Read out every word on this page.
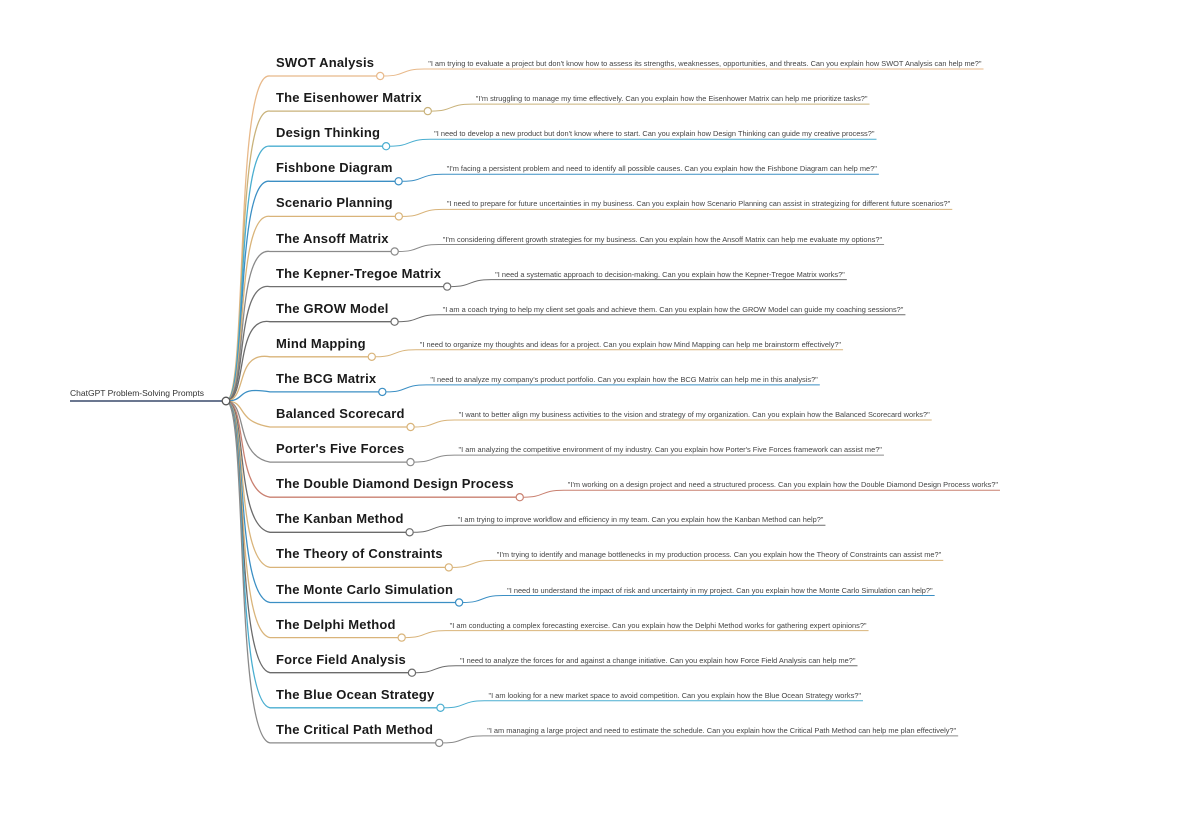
ChatGPT Problem-Solving Prompts
SWOT Analysis	"I am trying to evaluate a project but don't know how to assess its strengths, weaknesses, opportunities, and threats. Can you explain how SWOT Analysis can help me?"
The Eisenhower Matrix	"I'm struggling to manage my time effectively. Can you explain how the Eisenhower Matrix can help me prioritize tasks?"
Design Thinking	"I need to develop a new product but don't know where to start. Can you explain how Design Thinking can guide my creative process?"
Fishbone Diagram	"I'm facing a persistent problem and need to identify all possible causes. Can you explain how the Fishbone Diagram can help me?"
Scenario Planning	"I need to prepare for future uncertainties in my business. Can you explain how Scenario Planning can assist in strategizing for different future scenarios?"
The Ansoff Matrix	"I'm considering different growth strategies for my business. Can you explain how the Ansoff Matrix can help me evaluate my options?"
The Kepner-Tregoe Matrix	"I need a systematic approach to decision-making. Can you explain how the Kepner-Tregoe Matrix works?"
The GROW Model	"I am a coach trying to help my client set goals and achieve them. Can you explain how the GROW Model can guide my coaching sessions?"
Mind Mapping	"I need to organize my thoughts and ideas for a project. Can you explain how Mind Mapping can help me brainstorm effectively?"
The BCG Matrix	"I need to analyze my company's product portfolio. Can you explain how the BCG Matrix can help me in this analysis?"
Balanced Scorecard	"I want to better align my business activities to the vision and strategy of my organization. Can you explain how the Balanced Scorecard works?"
Porter's Five Forces	"I am analyzing the competitive environment of my industry. Can you explain how Porter's Five Forces framework can assist me?"
The Double Diamond Design Process	"I'm working on a design project and need a structured process. Can you explain how the Double Diamond Design Process works?"
The Kanban Method	"I am trying to improve workflow and efficiency in my team. Can you explain how the Kanban Method can help?"
The Theory of Constraints	"I'm trying to identify and manage bottlenecks in my production process. Can you explain how the Theory of Constraints can assist me?"
The Monte Carlo Simulation	"I need to understand the impact of risk and uncertainty in my project. Can you explain how the Monte Carlo Simulation can help?"
The Delphi Method	"I am conducting a complex forecasting exercise. Can you explain how the Delphi Method works for gathering expert opinions?"
Force Field Analysis	"I need to analyze the forces for and against a change initiative. Can you explain how Force Field Analysis can help me?"
The Blue Ocean Strategy	"I am looking for a new market space to avoid competition. Can you explain how the Blue Ocean Strategy works?"
The Critical Path Method	"I am managing a large project and need to estimate the schedule. Can you explain how the Critical Path Method can help me plan effectively?"
